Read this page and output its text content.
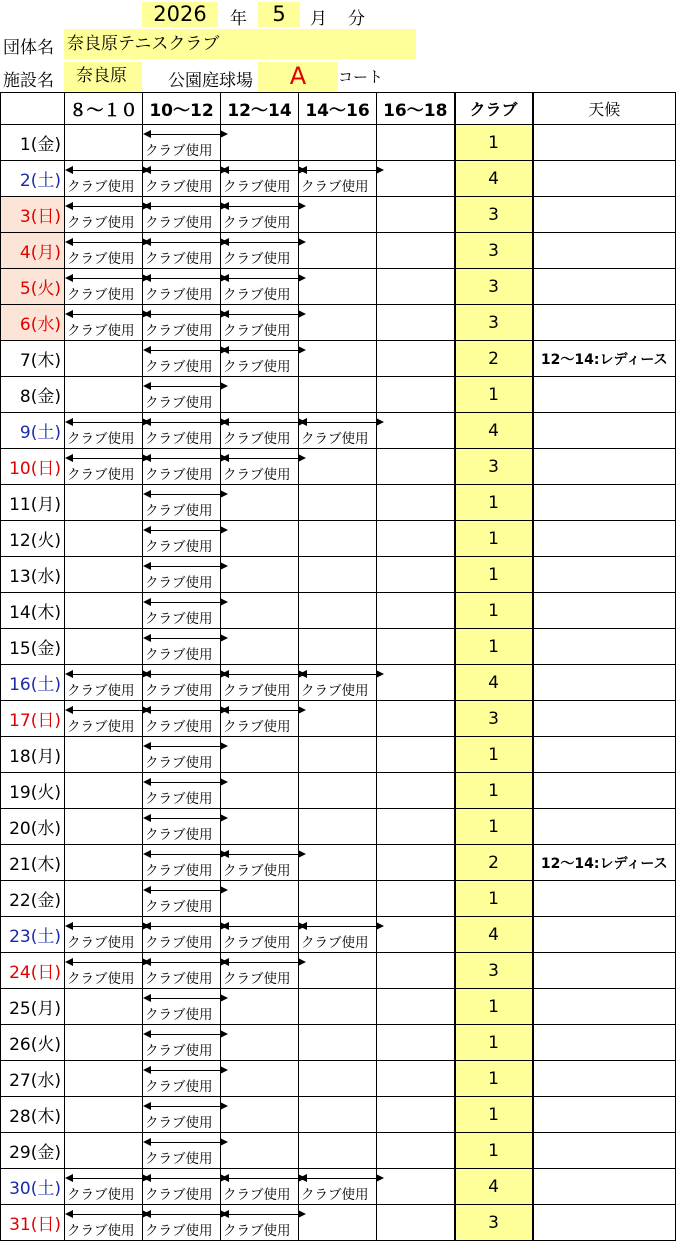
2026	年	5	月 分
団体名 奈良原テニスクラブ
施設名	奈良原	公園庭球場	A	コート
	８～１０	10～12	12～14	14～16	16～18	クラブ	天候
1(金)		クラブ使用				1	
2(土)	クラブ使用	クラブ使用	クラブ使用	クラブ使用		4	
3(日)	クラブ使用	クラブ使用	クラブ使用			3	
4(月)	クラブ使用	クラブ使用	クラブ使用			3	
5(火)	クラブ使用	クラブ使用	クラブ使用			3	
6(水)	クラブ使用	クラブ使用	クラブ使用			3	
7(木)		クラブ使用	クラブ使用			2	12～14:レディース
8(金)		クラブ使用				1	
9(土)	クラブ使用	クラブ使用	クラブ使用	クラブ使用		4	
10(日)	クラブ使用	クラブ使用	クラブ使用			3	
11(月)		クラブ使用				1	
12(火)		クラブ使用				1	
13(水)		クラブ使用				1	
14(木)		クラブ使用				1	
15(金)		クラブ使用				1	
16(土)	クラブ使用	クラブ使用	クラブ使用	クラブ使用		4	
17(日)	クラブ使用	クラブ使用	クラブ使用			3	
18(月)		クラブ使用				1	
19(火)		クラブ使用				1	
20(水)		クラブ使用				1	
21(木)		クラブ使用	クラブ使用			2	12～14:レディース
22(金)		クラブ使用				1	
23(土)	クラブ使用	クラブ使用	クラブ使用	クラブ使用		4	
24(日)	クラブ使用	クラブ使用	クラブ使用			3	
25(月)		クラブ使用				1	
26(火)		クラブ使用				1	
27(水)		クラブ使用				1	
28(木)		クラブ使用				1	
29(金)		クラブ使用				1	
30(土)	クラブ使用	クラブ使用	クラブ使用	クラブ使用		4	
31(日)	クラブ使用	クラブ使用	クラブ使用			3	
